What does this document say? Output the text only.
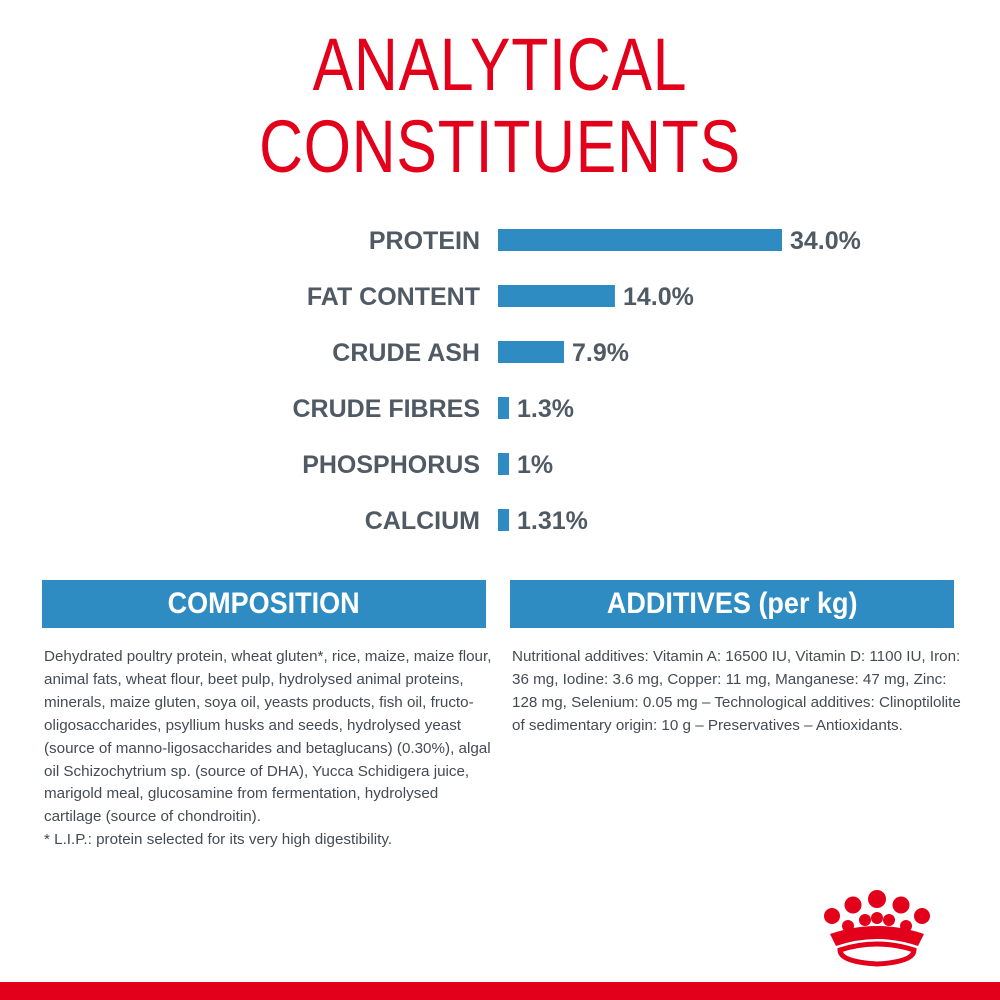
ANALYTICAL
CONSTITUENTS
PROTEIN	34.0%
FAT CONTENT	14.0%
CRUDE ASH	7.9%
CRUDE FIBRES 1.3%
PHOSPHORUS 1%
CALCIUM 1.31%
COMPOSITION	ADDITIVES (per kg)

Dehydrated poultry protein, wheat gluten*, rice, maize, maize flour, animal fats, wheat flour, beet pulp, hydrolysed animal proteins, minerals, maize gluten, soya oil, yeasts products, fish oil, fructo-oligosaccharides, psyllium husks and seeds, hydrolysed yeast (source of manno-ligosaccharides and betaglucans) (0.30%), algal oil Schizochytrium sp. (source of DHA), Yucca Schidigera juice, marigold meal, glucosamine from fermentation, hydrolysed cartilage (source of chondroitin).

* L.I.P.: protein selected for its very high digestibility.

Nutritional additives: Vitamin A: 16500 IU, Vitamin D: 1100 IU, Iron: 36 mg, Iodine: 3.6 mg, Copper: 11 mg, Manganese: 47 mg, Zinc: 128 mg, Selenium: 0.05 mg – Technological additives: Clinoptilolite of sedimentary origin: 10 g – Preservatives – Antioxidants.
